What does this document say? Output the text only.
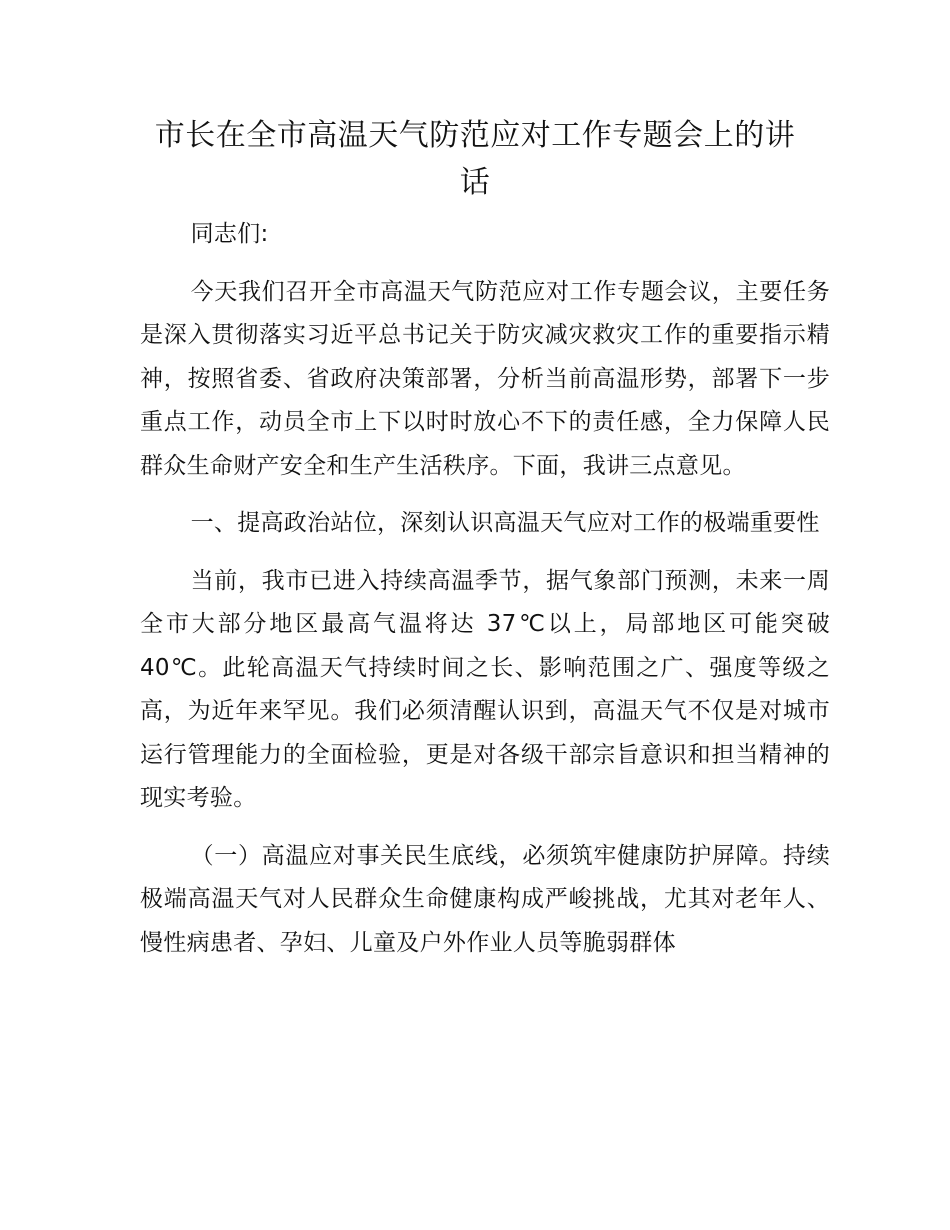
市长在全市高温天气防范应对工作专题会上的讲话

同志们:

今天我们召开全市高温天气防范应对工作专题会议，主要任务是深入贯彻落实习近平总书记关于防灾减灾救灾工作的重要指示精神，按照省委、省政府决策部署，分析当前高温形势，部署下一步重点工作，动员全市上下以时时放心不下的责任感，全力保障人民群众生命财产安全和生产生活秩序。下面，我讲三点意见。

一、提高政治站位，深刻认识高温天气应对工作的极端重要性

当前，我市已进入持续高温季节，据气象部门预测，未来一周全市大部分地区最高气温将达 37℃以上，局部地区可能突破 40℃。此轮高温天气持续时间之长、影响范围之广、强度等级之高，为近年来罕见。我们必须清醒认识到，高温天气不仅是对城市运行管理能力的全面检验，更是对各级干部宗旨意识和担当精神的现实考验。

（一）高温应对事关民生底线，必须筑牢健康防护屏障。持续极端高温天气对人民群众生命健康构成严峻挑战，尤其对老年人、慢性病患者、孕妇、儿童及户外作业人员等脆弱群体
